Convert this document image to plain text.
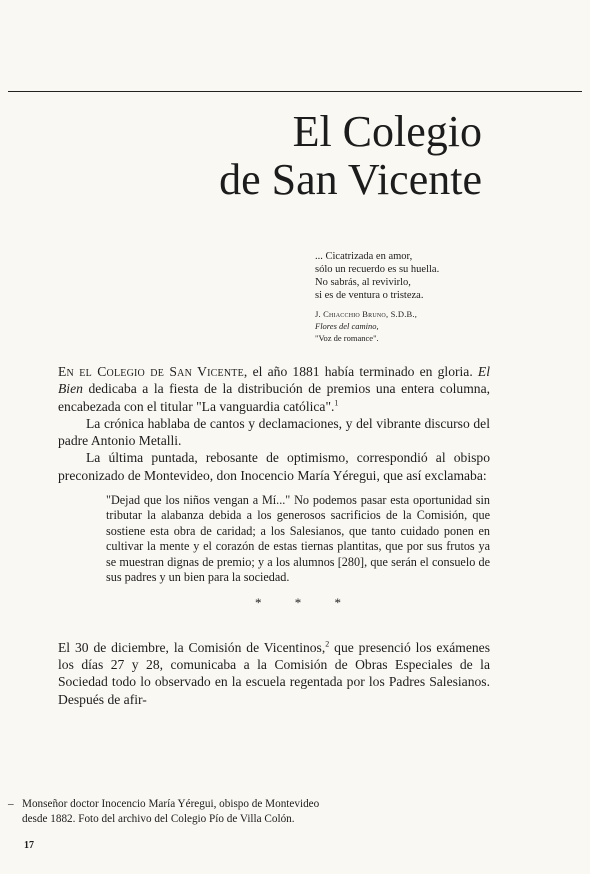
El Colegio
de San Vicente
... Cicatrizada en amor,
sólo un recuerdo es su huella.
No sabrás, al revivirlo,
si es de ventura o tristeza.
J. Chiacchio Bruno, S.D.B.,
Flores del camino,
"Voz de romance".

En el Colegio de San Vicente, el año 1881 había terminado en gloria. El Bien dedicaba a la fiesta de la distribución de premios una entera columna, encabezada con el titular "La vanguardia católica".$^1$

La crónica hablaba de cantos y declamaciones, y del vibrante discurso del padre Antonio Metalli.

La última puntada, rebosante de optimismo, correspondió al obispo preconizado de Montevideo, don Inocencio María Yéregui, que así exclamaba:

"Dejad que los niños vengan a Mí..." No podemos pasar esta oportunidad sin tributar la alabanza debida a los generosos sacrificios de la Comisión, que sostiene esta obra de caridad; a los Salesianos, que tanto cuidado ponen en cultivar la mente y el corazón de estas tiernas plantitas, que por sus frutos ya se muestran dignas de premio; y a los alumnos [280], que serán el consuelo de sus padres y un bien para la sociedad.
* * *

El 30 de diciembre, la Comisión de Vicentinos,$^2$ que presenció los exámenes los días 27 y 28, comunicaba a la Comisión de Obras Especiales de la Sociedad todo lo observado en la escuela regentada por los Padres Salesianos. Después de afir-

– Monseñor doctor Inocencio María Yéregui, obispo de Montevideo
desde 1882. Foto del archivo del Colegio Pío de Villa Colón.
17
